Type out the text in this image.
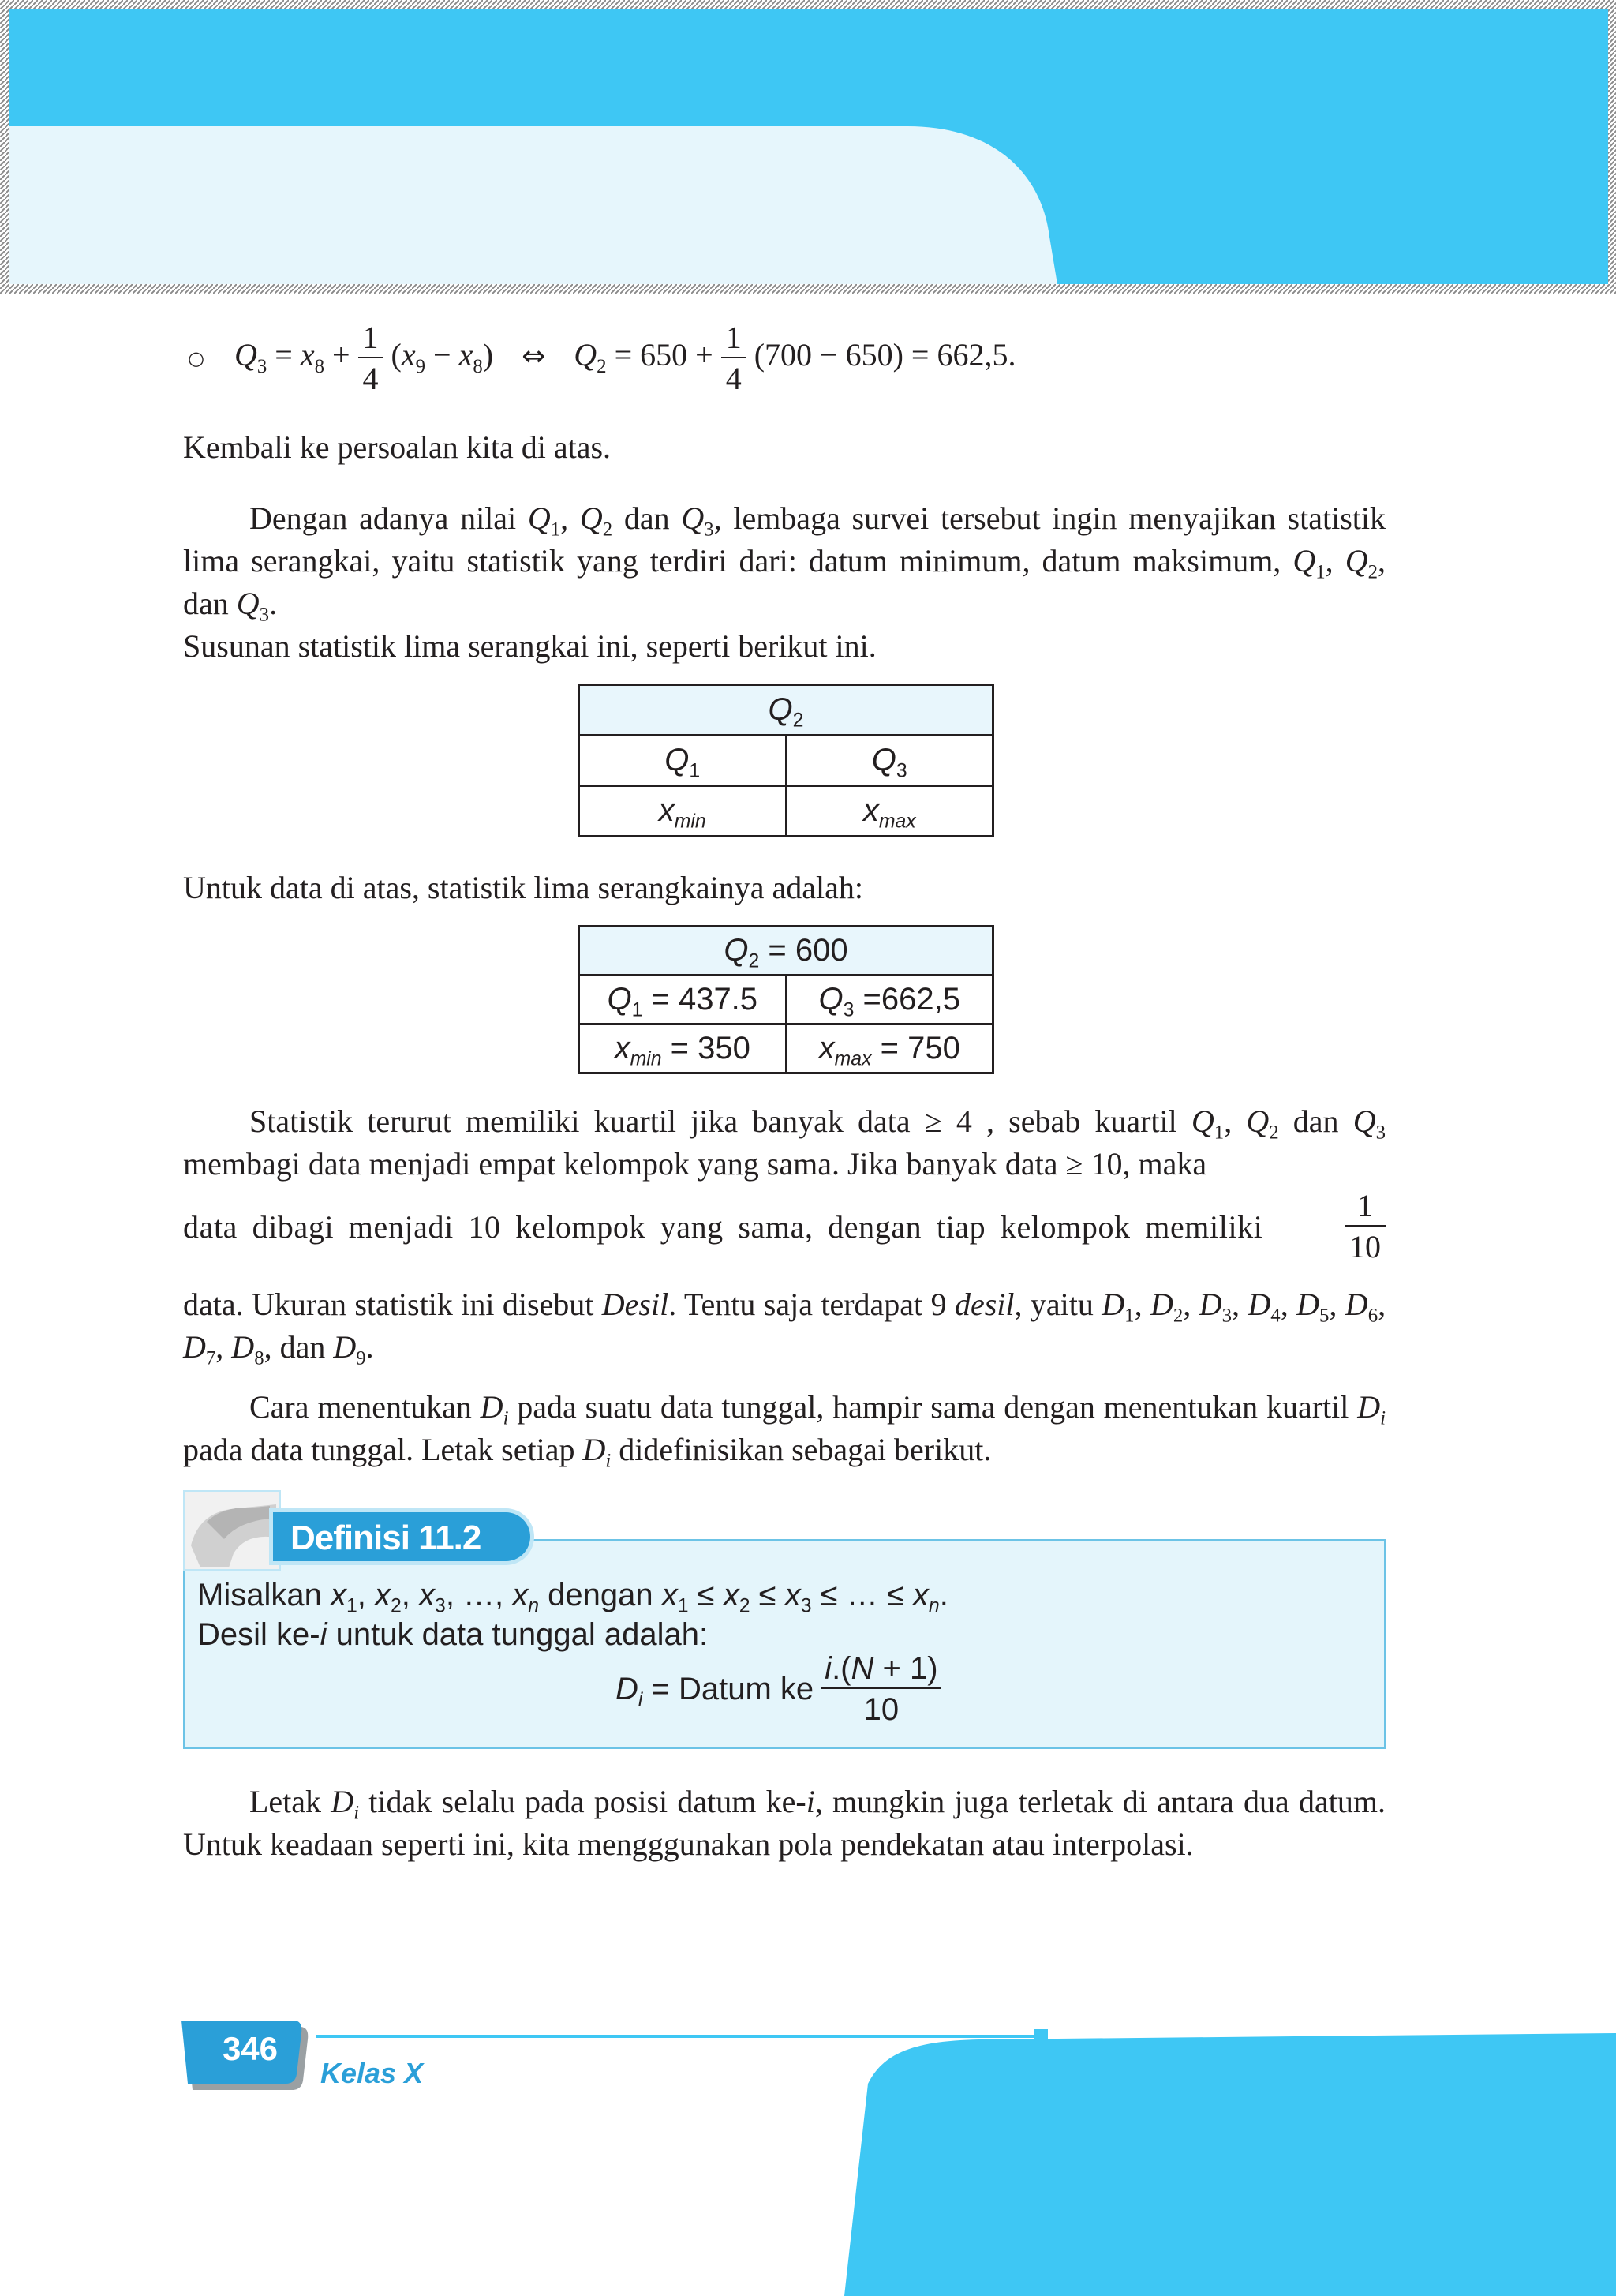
○ $Q_3 = x_8 + \frac{1}{4} (x_9 - x_8)$ ⇔ $Q_2 = 650 + \frac{1}{4} (700 - 650) = 662,5$.

Kembali ke persoalan kita di atas.

Dengan adanya nilai $Q_1$, $Q_2$ dan $Q_3$, lembaga survei tersebut ingin menyajikan statistik lima serangkai, yaitu statistik yang terdiri dari: datum minimum, datum maksimum, $Q_1$, $Q_2$, dan $Q_3$.

Susunan statistik lima serangkai ini, seperti berikut ini.

$Q_2$
$Q_1$	$Q_3$
$x_{min}$	$x_{max}$

Untuk data di atas, statistik lima serangkainya adalah:

$Q_2 = 600$	
$Q_1 = 437.5$	$Q_3 =662,5$
$x_{min} = 350$	$x_{max} = 750$

Statistik terurut memiliki kuartil jika banyak data ≥ 4 , sebab kuartil $Q_1$, $Q_2$ dan $Q_3$ membagi data menjadi empat kelompok yang sama. Jika banyak data ≥ 10, maka

data dibagi menjadi 10 kelompok yang sama, dengan tiap kelompok memiliki	$\frac{1}{10}$

data. Ukuran statistik ini disebut Desil. Tentu saja terdapat 9 desil, yaitu $D_1$, $D_2$, $D_3$, $D_4$, $D_5$, $D_6$, $D_7$, $D_8$, dan $D_9$.

Cara menentukan $D_i$ pada suatu data tunggal, hampir sama dengan menentukan kuartil $D_i$ pada data tunggal. Letak setiap $D_i$ didefinisikan sebagai berikut.

Definisi 11.2
Misalkan $x_1$, $x_2$, $x_3$, …, $x_n$ dengan $x_1 \le x_2 \le x_3$ ≤ … ≤ $x_n$.
Desil ke-i untuk data tunggal adalah:
$D_i$ = Datum ke $\frac{i.(N + 1)}{10}$

Letak $D_i$ tidak selalu pada posisi datum ke-i, mungkin juga terletak di antara dua datum. Untuk keadaan seperti ini, kita mengggunakan pola pendekatan atau interpolasi.

346
Kelas X
